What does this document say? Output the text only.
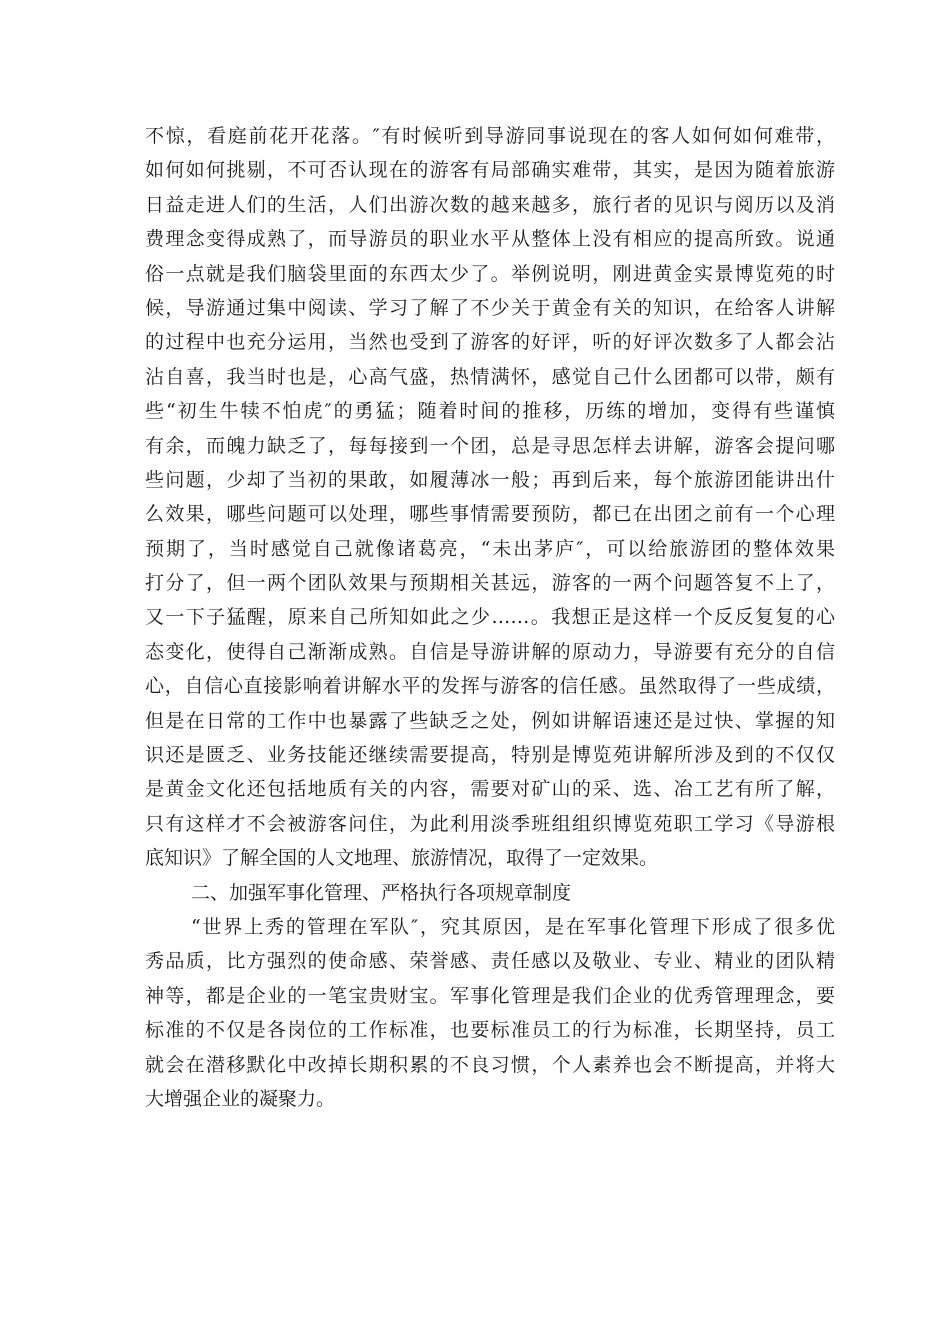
不惊，看庭前花开花落。″有时候听到导游同事说现在的客人如何如何难带，
如何如何挑剔，不可否认现在的游客有局部确实难带，其实，是因为随着旅游
日益走进人们的生活，人们出游次数的越来越多，旅行者的见识与阅历以及消
费理念变得成熟了，而导游员的职业水平从整体上没有相应的提高所致。说通
俗一点就是我们脑袋里面的东西太少了。举例说明，刚进黄金实景博览苑的时
候，导游通过集中阅读、学习了解了不少关于黄金有关的知识，在给客人讲解
的过程中也充分运用，当然也受到了游客的好评，听的好评次数多了人都会沾
沾自喜，我当时也是，心高气盛，热情满怀，感觉自己什么团都可以带，颇有
些“初生牛犊不怕虎″的勇猛；随着时间的推移，历练的增加，变得有些谨慎
有余，而魄力缺乏了，每每接到一个团，总是寻思怎样去讲解，游客会提问哪
些问题，少却了当初的果敢，如履薄冰一般；再到后来，每个旅游团能讲出什
么效果，哪些问题可以处理，哪些事情需要预防，都已在出团之前有一个心理
预期了，当时感觉自己就像诸葛亮，“未出茅庐″，可以给旅游团的整体效果
打分了，但一两个团队效果与预期相关甚远，游客的一两个问题答复不上了，
又一下子猛醒，原来自己所知如此之少……。我想正是这样一个反反复复的心
态变化，使得自己渐渐成熟。自信是导游讲解的原动力，导游要有充分的自信
心，自信心直接影响着讲解水平的发挥与游客的信任感。虽然取得了一些成绩，
但是在日常的工作中也暴露了些缺乏之处，例如讲解语速还是过快、掌握的知
识还是匮乏、业务技能还继续需要提高，特别是博览苑讲解所涉及到的不仅仅
是黄金文化还包括地质有关的内容，需要对矿山的采、选、冶工艺有所了解，
只有这样才不会被游客问住，为此利用淡季班组组织博览苑职工学习《导游根
底知识》了解全国的人文地理、旅游情况，取得了一定效果。
二、加强军事化管理、严格执行各项规章制度
“世界上秀的管理在军队″，究其原因，是在军事化管理下形成了很多优
秀品质，比方强烈的使命感、荣誉感、责任感以及敬业、专业、精业的团队精
神等，都是企业的一笔宝贵财宝。军事化管理是我们企业的优秀管理理念，要
标准的不仅是各岗位的工作标准，也要标准员工的行为标准，长期坚持，员工
就会在潜移默化中改掉长期积累的不良习惯，个人素养也会不断提高，并将大
大增强企业的凝聚力。
